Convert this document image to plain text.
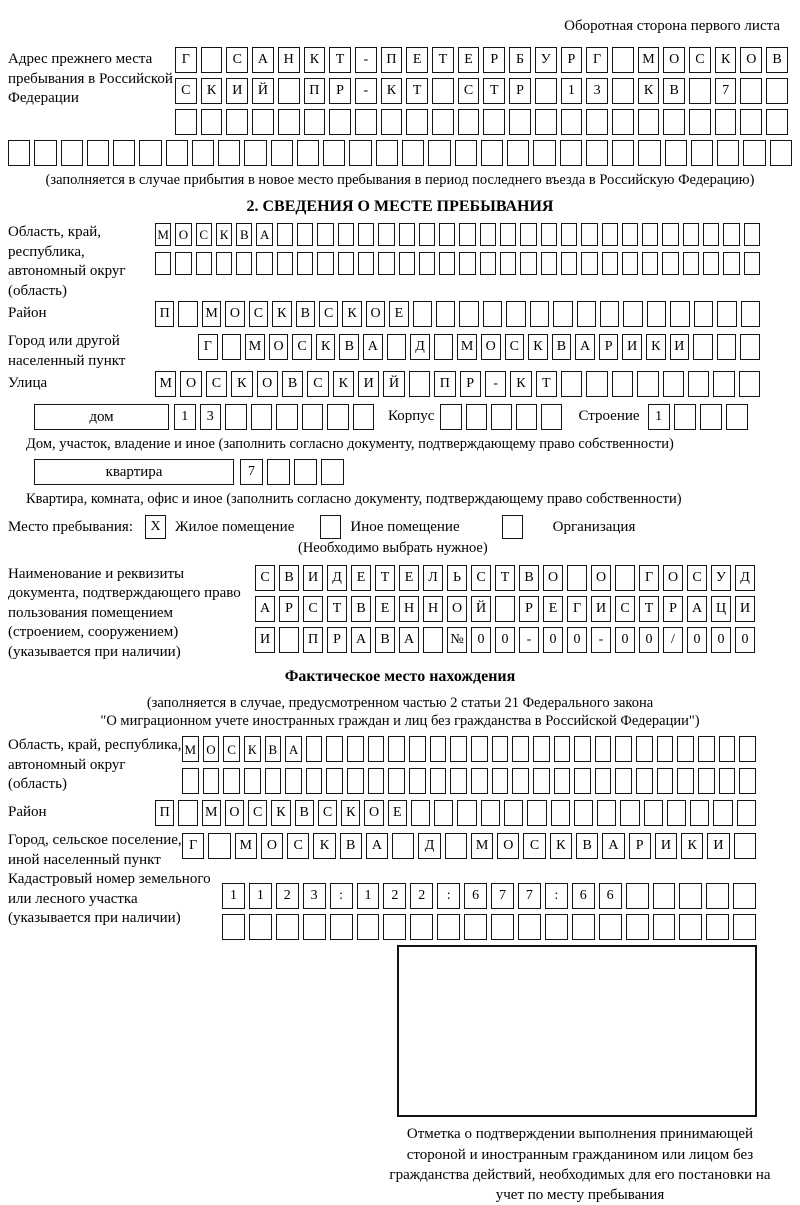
Оборотная сторона первого листа
Адрес прежнего места пребывания в Российской Федерации
Г	С	А	Н	К	Т	-	П	Е	Т	Е	Р	Б	У	Р	Г	М	О	С	К	О	В
С	К	И	Й	П	Р	-	К	Т	С	Т	Р	1	3	К	В	7
(заполняется в случае прибытия в новое место пребывания в период последнего въезда в Российскую Федерацию)
2. СВЕДЕНИЯ О МЕСТЕ ПРЕБЫВАНИЯ
Область, край, республика, автономный округ (область)
М О С К В А
Район	П	М О С	К	В	С	К О	Е
Город или другой населенный пункт
Г	М О С	К	В А	Д	М О С	К	В А	Р	И К И
Улица	М	О	С	К	О	В	С	К	И	Й	П	Р	-	К	Т
дом	1	3	Корпус	Строение	1
Дом, участок, владение и иное (заполнить согласно документу, подтверждающему право собственности)
квартира	7
Квартира, комната, офис и иное (заполнить согласно документу, подтверждающему право собственности)
Место пребывания:	X Жилое помещение	Иное помещение	Организация
(Необходимо выбрать нужное)
Наименование и реквизиты документа, подтверждающего право пользования помещением (строением, сооружением) (указывается при наличии)
С	В	И	Д	Е	Т	Е	Л	Ь	С	Т	В	О	О	Г	О	С	У	Д
А	Р	С	Т	В	Е	Н Н О Й	Р	Е	Г	И	С	Т	Р	А Ц И
И	П	Р	А	В	А	№ 0	0	-	0	0	-	0	0	/	0	0	0
Фактическое место нахождения
(заполняется в случае, предусмотренном частью 2 статьи 21 Федерального закона
"О миграционном учете иностранных граждан и лиц без гражданства в Российской Федерации")
Область, край, республика, автономный округ (область)
М О С К В А
Район	П	М О С К В С К О Е
Город, сельское поселение, иной населенный пункт
Г	М	О	С	К	В	А	Д	М	О	С	К	В	А	Р	И	К	И
Кадастровый номер земельного или лесного участка (указывается при наличии)
1	1	2	3	:	1	2	2	:	6	7	7	:	6	6
Отметка о подтверждении выполнения принимающей стороной и иностранным гражданином или лицом без гражданства действий, необходимых для его постановки на учет по месту пребывания
